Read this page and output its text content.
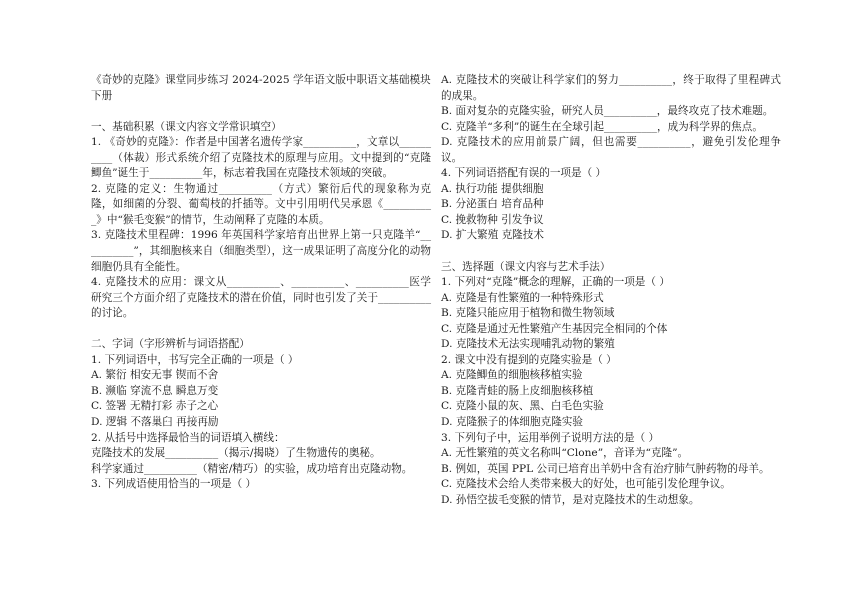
《奇妙的克隆》课堂同步练习 2024-2025 学年语文版中职语文基础模块

下册

一、基础积累（课文内容文学常识填空）

1. 《奇妙的克隆》：作者是中国著名遗传学家__________，文章以__________（体裁）形式系统介绍了克隆技术的原理与应用。文中提到的“克隆鲫鱼”诞生于__________年，标志着我国在克隆技术领域的突破。

2. 克隆的定义：生物通过__________（方式）繁衍后代的现象称为克隆，如细菌的分裂、葡萄枝的扦插等。文中引用明代吴承恩《__________》中“猴毛变猴”的情节，生动阐释了克隆的本质。

3. 克隆技术里程碑：1996 年英国科学家培育出世界上第一只克隆羊“__________”，其细胞核来自（细胞类型），这一成果证明了高度分化的动物细胞仍具有全能性。

4. 克隆技术的应用：课文从__________、__________、__________医学研究三个方面介绍了克隆技术的潜在价值，同时也引发了关于__________的讨论。

二、字词（字形辨析与词语搭配）

1. 下列词语中，书写完全正确的一项是（ ）

A. 繁衍 相安无事 锲而不舍

B. 濒临 穿流不息 瞬息万变

C. 签署 无精打彩 赤子之心

D. 逻辑 不落巢臼 再接再励

2. 从括号中选择最恰当的词语填入横线：

克隆技术的发展__________（揭示/揭晓）了生物遗传的奥秘。

科学家通过__________（精密/精巧）的实验，成功培育出克隆动物。

3. 下列成语使用恰当的一项是（ ）

A. 克隆技术的突破让科学家们的努力__________，终于取得了里程碑式的成果。

B. 面对复杂的克隆实验，研究人员__________，最终攻克了技术难题。

C. 克隆羊“多利”的诞生在全球引起__________，成为科学界的焦点。

D. 克隆技术的应用前景广阔，但也需要__________，避免引发伦理争议。

4. 下列词语搭配有误的一项是（ ）

A. 执行功能 提供细胞

B. 分泌蛋白 培育品种

C. 挽救物种 引发争议

D. 扩大繁殖 克隆技术

三、选择题（课文内容与艺术手法）

1. 下列对“克隆”概念的理解，正确的一项是（ ）

A. 克隆是有性繁殖的一种特殊形式

B. 克隆只能应用于植物和微生物领域

C. 克隆是通过无性繁殖产生基因完全相同的个体

D. 克隆技术无法实现哺乳动物的繁殖

2. 课文中没有提到的克隆实验是（ ）

A. 克隆鲫鱼的细胞核移植实验

B. 克隆青蛙的肠上皮细胞核移植

C. 克隆小鼠的灰、黑、白毛色实验

D. 克隆猴子的体细胞克隆实验

3. 下列句子中，运用举例子说明方法的是（ ）

A. 无性繁殖的英文名称叫“Clone”，音译为“克隆”。

B. 例如，英国 PPL 公司已培育出羊奶中含有治疗肺气肿药物的母羊。

C. 克隆技术会给人类带来极大的好处，也可能引发伦理争议。

D. 孙悟空拔毛变猴的情节，是对克隆技术的生动想象。
